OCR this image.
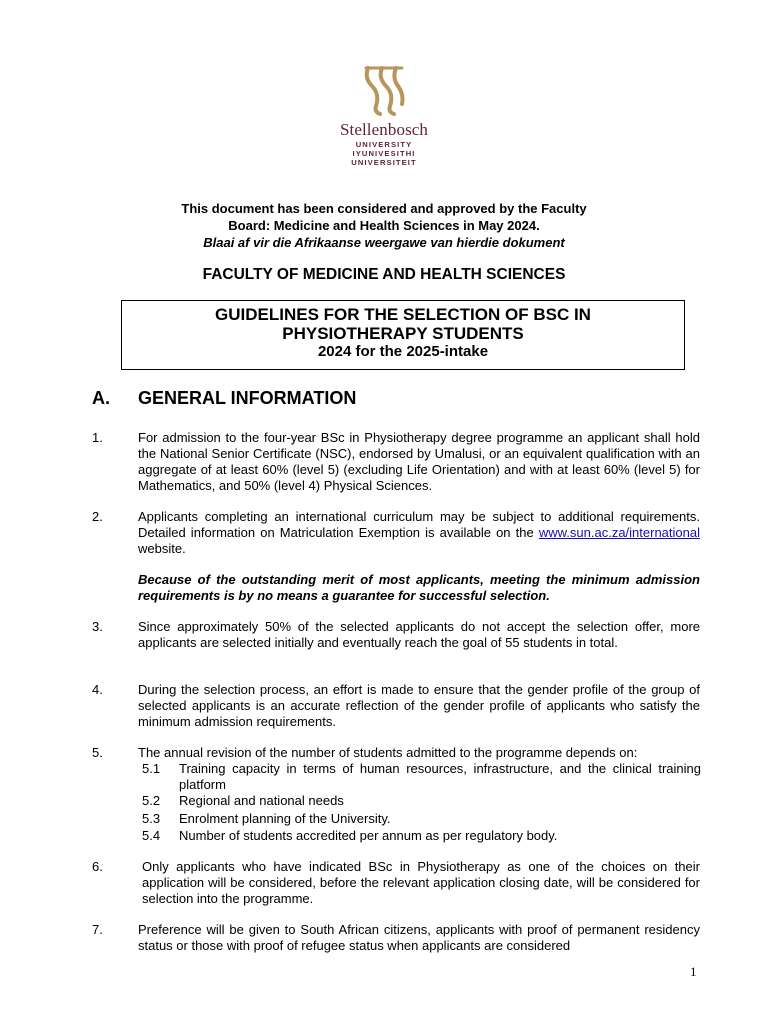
Stellenbosch
UNIVERSITY
IYUNIVESITHI
UNIVERSITEIT
This document has been considered and approved by the Faculty
Board: Medicine and Health Sciences in May 2024.
Blaai af vir die Afrikaanse weergawe van hierdie dokument
FACULTY OF MEDICINE AND HEALTH SCIENCES
GUIDELINES FOR THE SELECTION OF BSC IN
PHYSIOTHERAPY STUDENTS
2024 for the 2025-intake
A. GENERAL INFORMATION
1.	For admission to the four-year BSc in Physiotherapy degree programme an applicant shall hold the National Senior Certificate (NSC), endorsed by Umalusi, or an equivalent qualification with an aggregate of at least 60% (level 5) (excluding Life Orientation) and with at least 60% (level 5) for Mathematics, and 50% (level 4) Physical Sciences.
2.	Applicants completing an international curriculum may be subject to additional requirements. Detailed information on Matriculation Exemption is available on the www.sun.ac.za/international website.
Because of the outstanding merit of most applicants, meeting the minimum admission requirements is by no means a guarantee for successful selection.
3.	Since approximately 50% of the selected applicants do not accept the selection offer, more applicants are selected initially and eventually reach the goal of 55 students in total.
4.	During the selection process, an effort is made to ensure that the gender profile of the group of selected applicants is an accurate reflection of the gender profile of applicants who satisfy the minimum admission requirements.
5.	The annual revision of the number of students admitted to the programme depends on:
5.1 Training capacity in terms of human resources, infrastructure, and the clinical training platform
5.2 Regional and national needs
5.3 Enrolment planning of the University.
5.4 Number of students accredited per annum as per regulatory body.
6.	Only applicants who have indicated BSc in Physiotherapy as one of the choices on their application will be considered, before the relevant application closing date, will be considered for selection into the programme.
7.	Preference will be given to South African citizens, applicants with proof of permanent residency status or those with proof of refugee status when applicants are considered
1
